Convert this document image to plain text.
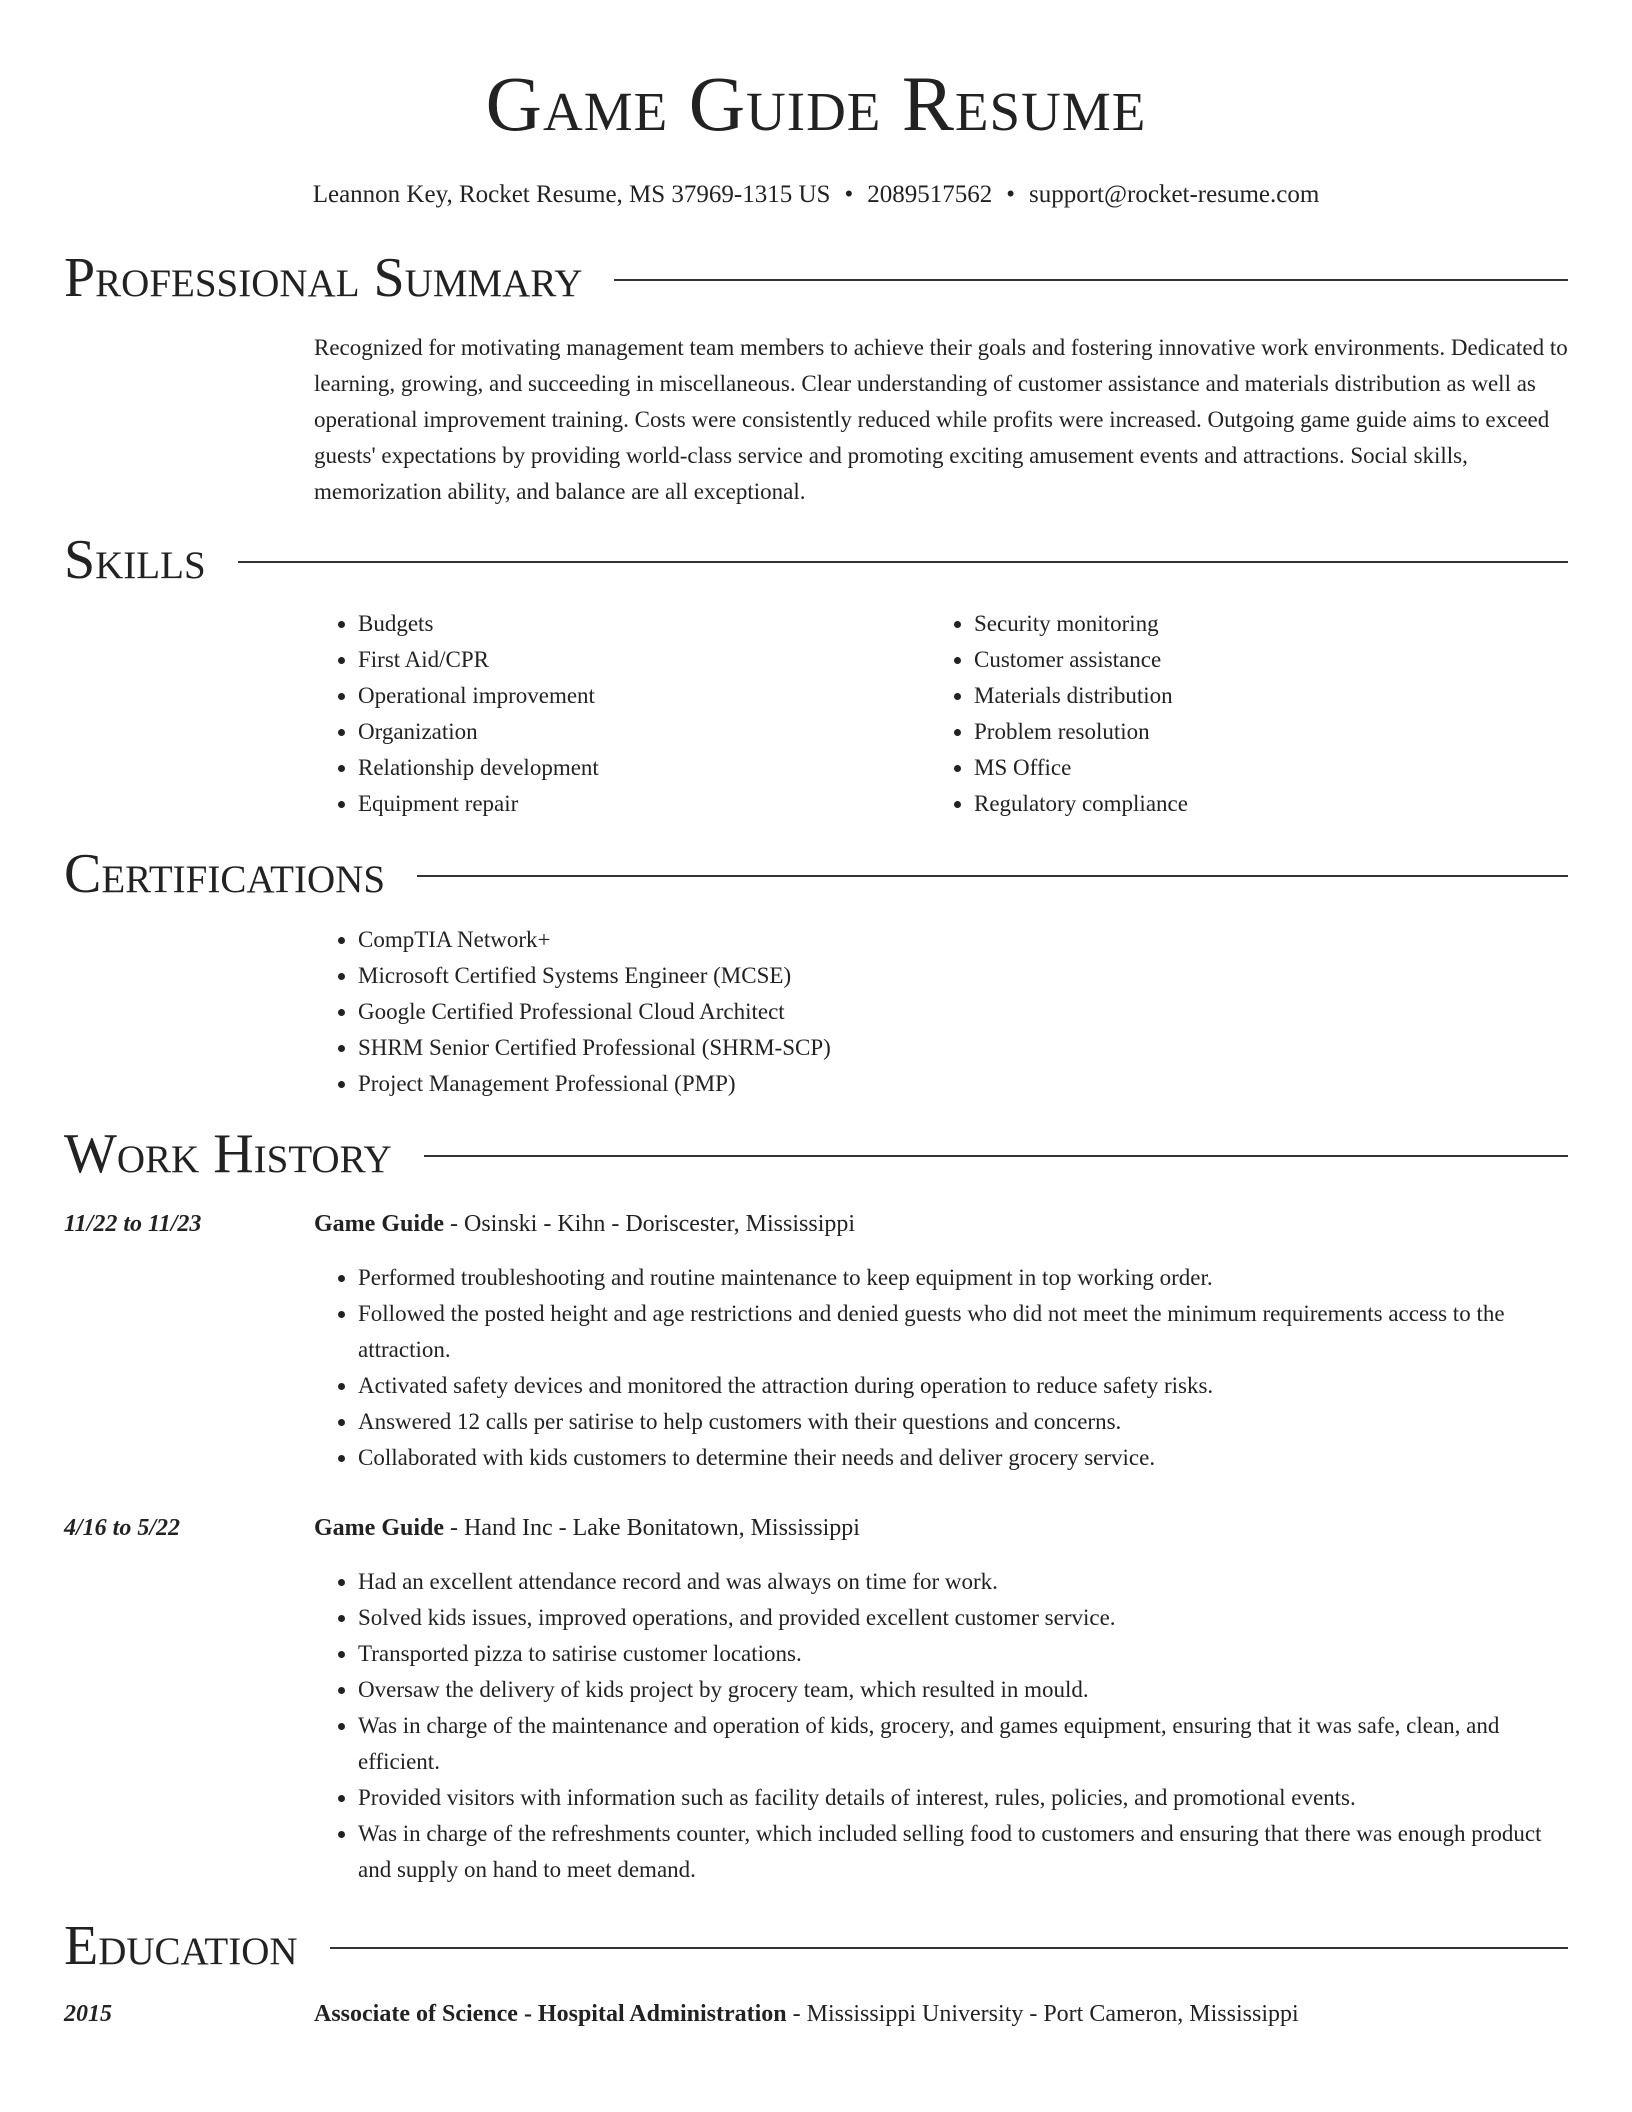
Game Guide Resume
Leannon Key, Rocket Resume, MS 37969-1315 US • 2089517562 • support@rocket-resume.com
Professional Summary
Recognized for motivating management team members to achieve their goals and fostering innovative work environments. Dedicated to learning, growing, and succeeding in miscellaneous. Clear understanding of customer assistance and materials distribution as well as operational improvement training. Costs were consistently reduced while profits were increased. Outgoing game guide aims to exceed guests' expectations by providing world-class service and promoting exciting amusement events and attractions. Social skills, memorization ability, and balance are all exceptional.
Skills
• Budgets
• First Aid/CPR
• Operational improvement
• Organization
• Relationship development
• Equipment repair
• Security monitoring
• Customer assistance
• Materials distribution
• Problem resolution
• MS Office
• Regulatory compliance
Certifications
• CompTIA Network+
• Microsoft Certified Systems Engineer (MCSE)
• Google Certified Professional Cloud Architect
• SHRM Senior Certified Professional (SHRM-SCP)
• Project Management Professional (PMP)
Work History
11/22 to 11/23	Game Guide - Osinski - Kihn - Doriscester, Mississippi
• Performed troubleshooting and routine maintenance to keep equipment in top working order.
• Followed the posted height and age restrictions and denied guests who did not meet the minimum requirements access to the attraction.
• Activated safety devices and monitored the attraction during operation to reduce safety risks.
• Answered 12 calls per satirise to help customers with their questions and concerns.
• Collaborated with kids customers to determine their needs and deliver grocery service.
4/16 to 5/22	Game Guide - Hand Inc - Lake Bonitatown, Mississippi
• Had an excellent attendance record and was always on time for work.
• Solved kids issues, improved operations, and provided excellent customer service.
• Transported pizza to satirise customer locations.
• Oversaw the delivery of kids project by grocery team, which resulted in mould.
• Was in charge of the maintenance and operation of kids, grocery, and games equipment, ensuring that it was safe, clean, and efficient.
• Provided visitors with information such as facility details of interest, rules, policies, and promotional events.
• Was in charge of the refreshments counter, which included selling food to customers and ensuring that there was enough product and supply on hand to meet demand.
Education
2015	Associate of Science - Hospital Administration - Mississippi University - Port Cameron, Mississippi
